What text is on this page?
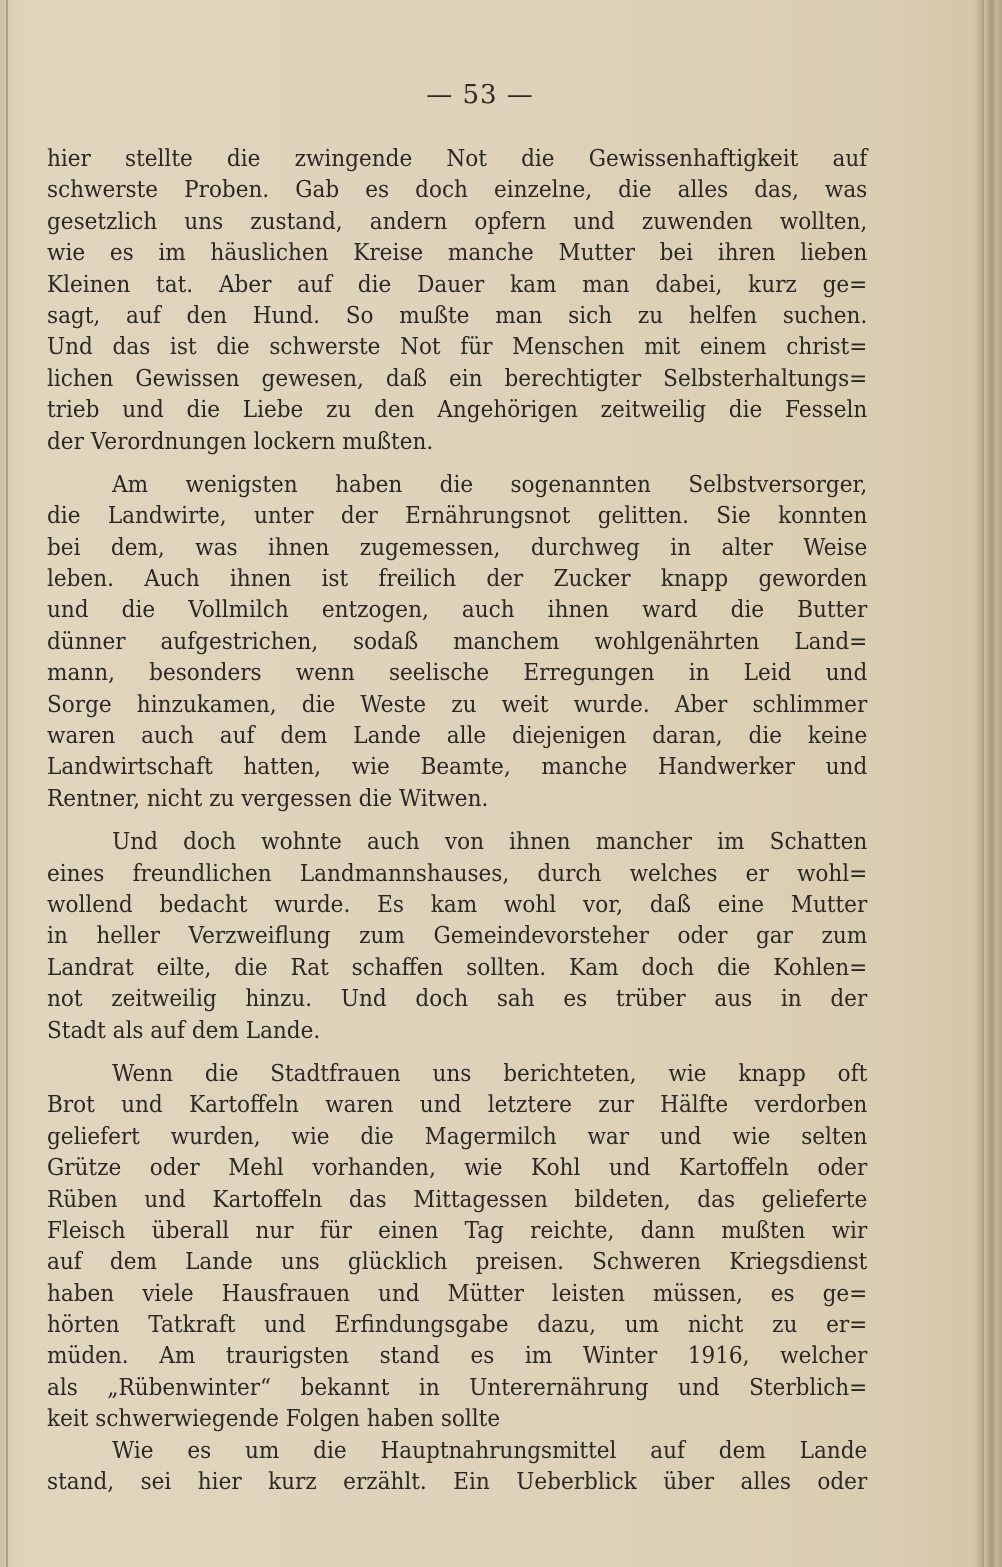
— 53 —
hier stellte die zwingende Not die Gewissenhaftigkeit auf
schwerste Proben. Gab es doch einzelne, die alles das, was
gesetzlich uns zustand, andern opfern und zuwenden wollten,
wie es im häuslichen Kreise manche Mutter bei ihren lieben
Kleinen tat. Aber auf die Dauer kam man dabei, kurz ge=
sagt, auf den Hund. So mußte man sich zu helfen suchen.
Und das ist die schwerste Not für Menschen mit einem christ=
lichen Gewissen gewesen, daß ein berechtigter Selbsterhaltungs=
trieb und die Liebe zu den Angehörigen zeitweilig die Fesseln
der Verordnungen lockern mußten.
Am wenigsten haben die sogenannten Selbstversorger,
die Landwirte, unter der Ernährungsnot gelitten. Sie konnten
bei dem, was ihnen zugemessen, durchweg in alter Weise
leben. Auch ihnen ist freilich der Zucker knapp geworden
und die Vollmilch entzogen, auch ihnen ward die Butter
dünner aufgestrichen, sodaß manchem wohlgenährten Land=
mann, besonders wenn seelische Erregungen in Leid und
Sorge hinzukamen, die Weste zu weit wurde. Aber schlimmer
waren auch auf dem Lande alle diejenigen daran, die keine
Landwirtschaft hatten, wie Beamte, manche Handwerker und
Rentner, nicht zu vergessen die Witwen.
Und doch wohnte auch von ihnen mancher im Schatten
eines freundlichen Landmannshauses, durch welches er wohl=
wollend bedacht wurde. Es kam wohl vor, daß eine Mutter
in heller Verzweiflung zum Gemeindevorsteher oder gar zum
Landrat eilte, die Rat schaffen sollten. Kam doch die Kohlen=
not zeitweilig hinzu. Und doch sah es trüber aus in der
Stadt als auf dem Lande.
Wenn die Stadtfrauen uns berichteten, wie knapp oft
Brot und Kartoffeln waren und letztere zur Hälfte verdorben
geliefert wurden, wie die Magermilch war und wie selten
Grütze oder Mehl vorhanden, wie Kohl und Kartoffeln oder
Rüben und Kartoffeln das Mittagessen bildeten, das gelieferte
Fleisch überall nur für einen Tag reichte, dann mußten wir
auf dem Lande uns glücklich preisen. Schweren Kriegsdienst
haben viele Hausfrauen und Mütter leisten müssen, es ge=
hörten Tatkraft und Erfindungsgabe dazu, um nicht zu er=
müden. Am traurigsten stand es im Winter 1916, welcher
als „Rübenwinter“ bekannt in Unterernährung und Sterblich=
keit schwerwiegende Folgen haben sollte
Wie es um die Hauptnahrungsmittel auf dem Lande
stand, sei hier kurz erzählt. Ein Ueberblick über alles oder
